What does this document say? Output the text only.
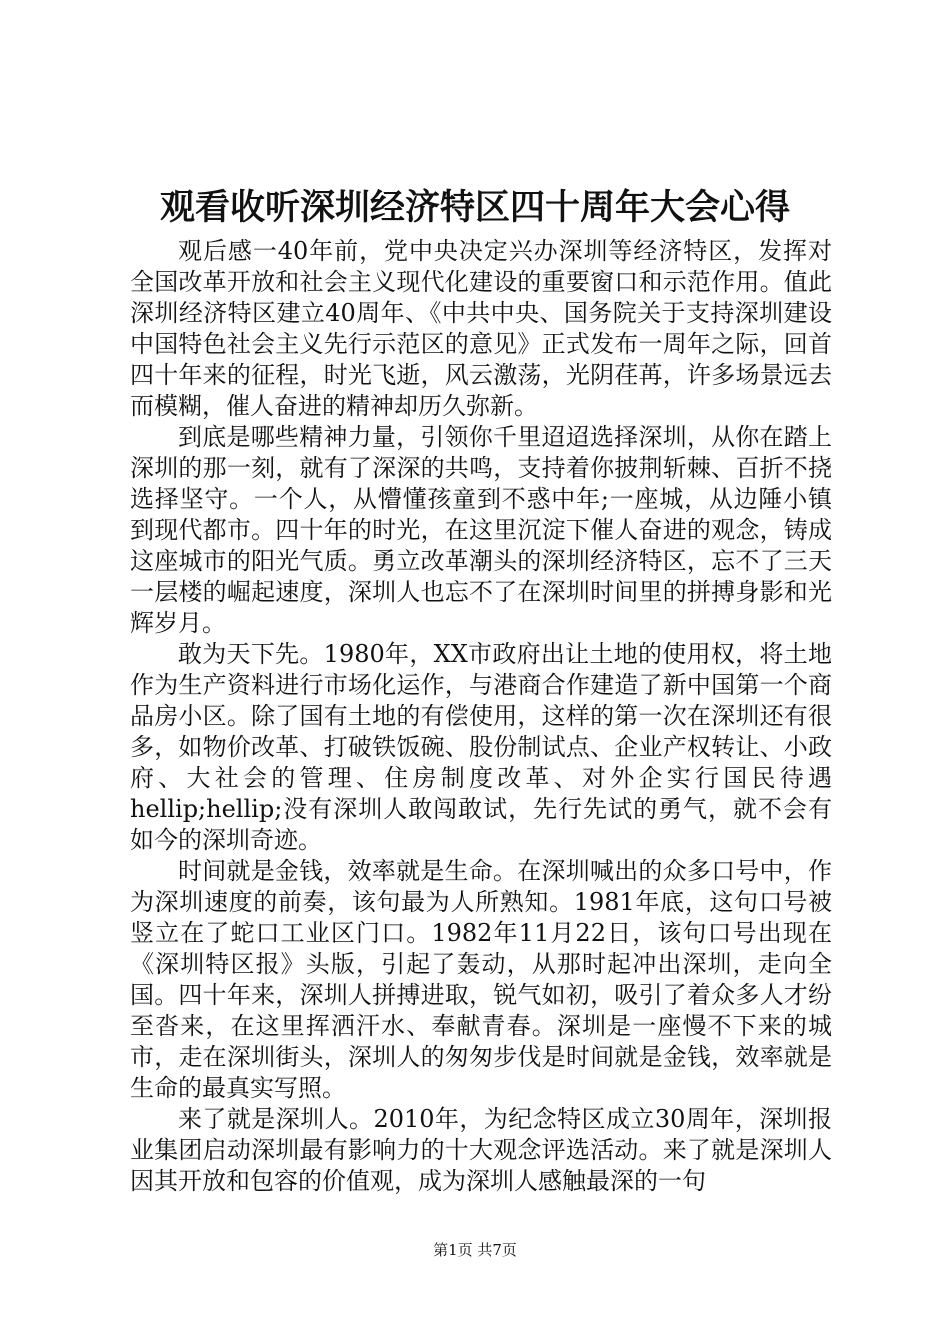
观看收听深圳经济特区四十周年大会心得

观后感一40年前，党中央决定兴办深圳等经济特区，发挥对全国改革开放和社会主义现代化建设的重要窗口和示范作用。值此深圳经济特区建立40周年、《中共中央、国务院关于支持深圳建设中国特色社会主义先行示范区的意见》正式发布一周年之际，回首四十年来的征程，时光飞逝，风云激荡，光阴荏苒，许多场景远去而模糊，催人奋进的精神却历久弥新。

到底是哪些精神力量，引领你千里迢迢选择深圳，从你在踏上深圳的那一刻，就有了深深的共鸣，支持着你披荆斩棘、百折不挠选择坚守。一个人，从懵懂孩童到不惑中年;一座城，从边陲小镇到现代都市。四十年的时光，在这里沉淀下催人奋进的观念，铸成这座城市的阳光气质。勇立改革潮头的深圳经济特区，忘不了三天一层楼的崛起速度，深圳人也忘不了在深圳时间里的拼搏身影和光辉岁月。

敢为天下先。1980年，XX市政府出让土地的使用权，将土地作为生产资料进行市场化运作，与港商合作建造了新中国第一个商品房小区。除了国有土地的有偿使用，这样的第一次在深圳还有很多，如物价改革、打破铁饭碗、股份制试点、企业产权转让、小政府、大社会的管理、住房制度改革、对外企实行国民待遇hellip;hellip;没有深圳人敢闯敢试，先行先试的勇气，就不会有如今的深圳奇迹。

时间就是金钱，效率就是生命。在深圳喊出的众多口号中，作为深圳速度的前奏，该句最为人所熟知。1981年底，这句口号被竖立在了蛇口工业区门口。1982年11月22日，该句口号出现在《深圳特区报》头版，引起了轰动，从那时起冲出深圳，走向全国。四十年来，深圳人拼搏进取，锐气如初，吸引了着众多人才纷至沓来，在这里挥洒汗水、奉献青春。深圳是一座慢不下来的城市，走在深圳街头，深圳人的匆匆步伐是时间就是金钱，效率就是生命的最真实写照。

来了就是深圳人。2010年，为纪念特区成立30周年，深圳报业集团启动深圳最有影响力的十大观念评选活动。来了就是深圳人因其开放和包容的价值观，成为深圳人感触最深的一句

第1页 共7页
